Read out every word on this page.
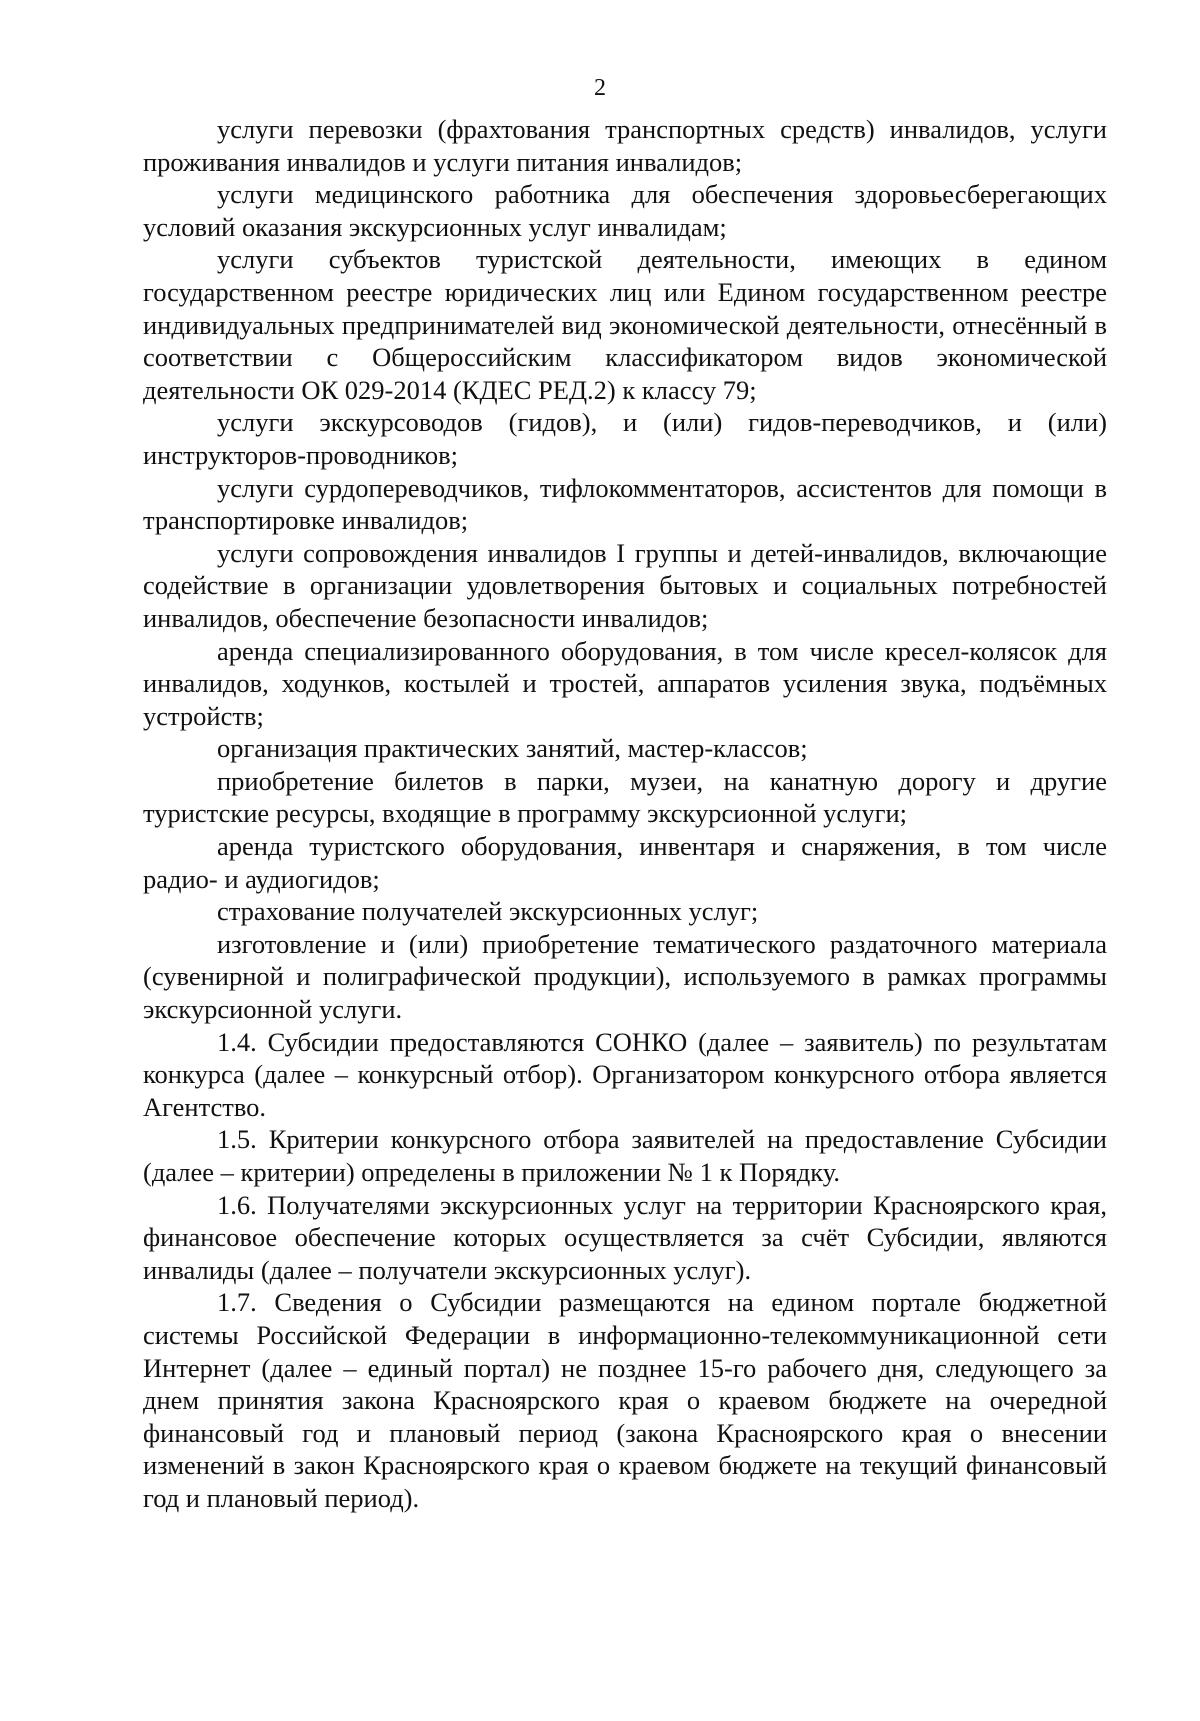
2

услуги перевозки (фрахтования транспортных средств) инвалидов, услуги проживания инвалидов и услуги питания инвалидов;

услуги медицинского работника для обеспечения здоровьесберегающих условий оказания экскурсионных услуг инвалидам;

услуги субъектов туристской деятельности, имеющих в едином государственном реестре юридических лиц или Едином государственном реестре индивидуальных предпринимателей вид экономической деятельности, отнесённый в соответствии с Общероссийским классификатором видов экономической деятельности ОК 029-2014 (КДЕС РЕД.2) к классу 79;

услуги экскурсоводов (гидов), и (или) гидов-переводчиков, и (или) инструкторов-проводников;

услуги сурдопереводчиков, тифлокомментаторов, ассистентов для помощи в транспортировке инвалидов;

услуги сопровождения инвалидов I группы и детей-инвалидов, включающие содействие в организации удовлетворения бытовых и социальных потребностей инвалидов, обеспечение безопасности инвалидов;

аренда специализированного оборудования, в том числе кресел-колясок для инвалидов, ходунков, костылей и тростей, аппаратов усиления звука, подъёмных устройств;

организация практических занятий, мастер-классов;

приобретение билетов в парки, музеи, на канатную дорогу и другие туристские ресурсы, входящие в программу экскурсионной услуги;

аренда туристского оборудования, инвентаря и снаряжения, в том числе радио- и аудиогидов;

страхование получателей экскурсионных услуг;

изготовление и (или) приобретение тематического раздаточного материала (сувенирной и полиграфической продукции), используемого в рамках программы экскурсионной услуги.

1.4. Субсидии предоставляются СОНКО (далее – заявитель) по результатам конкурса (далее – конкурсный отбор). Организатором конкурсного отбора является Агентство.

1.5. Критерии конкурсного отбора заявителей на предоставление Субсидии (далее – критерии) определены в приложении № 1 к Порядку.

1.6. Получателями экскурсионных услуг на территории Красноярского края, финансовое обеспечение которых осуществляется за счёт Субсидии, являются инвалиды (далее – получатели экскурсионных услуг).

1.7. Сведения о Субсидии размещаются на едином портале бюджетной системы Российской Федерации в информационно-телекоммуникационной сети Интернет (далее – единый портал) не позднее 15-го рабочего дня, следующего за днем принятия закона Красноярского края о краевом бюджете на очередной финансовый год и плановый период (закона Красноярского края о внесении изменений в закон Красноярского края о краевом бюджете на текущий финансовый год и плановый период).
